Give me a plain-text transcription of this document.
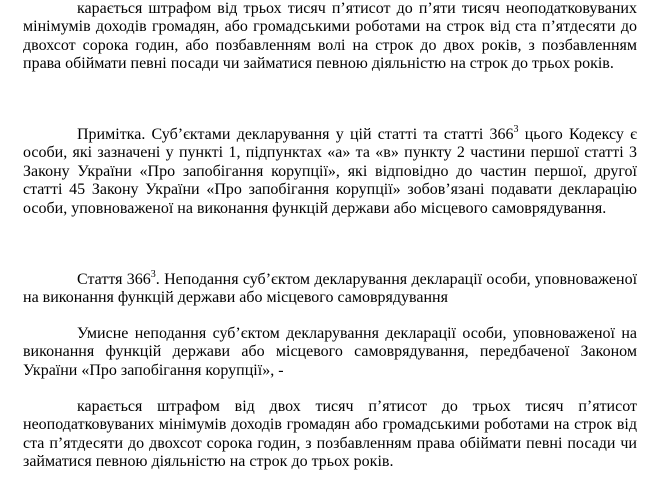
карається штрафом від трьох тисяч п’ятисот до п’яти тисяч неоподатковуваних мінімумів доходів громадян, або громадськими роботами на строк від ста п’ятдесяти до двохсот сорока годин, або позбавленням волі на строк до двох років, з позбавленням права обіймати певні посади чи займатися певною діяльністю на строк до трьох років.

Примітка. Суб’єктами декларування у цій статті та статті $366^3$ цього Кодексу є особи, які зазначені у пункті 1, підпунктах «а» та «в» пункту 2 частини першої статті 3 Закону України «Про запобігання корупції», які відповідно до частин першої, другої статті 45 Закону України «Про запобігання корупції» зобов’язані подавати декларацію особи, уповноваженої на виконання функцій держави або місцевого самоврядування.

Стаття $366^3$. Неподання суб’єктом декларування декларації особи, уповноваженої на виконання функцій держави або місцевого самоврядування

Умисне неподання суб’єктом декларування декларації особи, уповноваженої на виконання функцій держави або місцевого самоврядування, передбаченої Законом України «Про запобігання корупції», -

карається штрафом від двох тисяч п’ятисот до трьох тисяч п’ятисот неоподатковуваних мінімумів доходів громадян або громадськими роботами на строк від ста п’ятдесяти до двохсот сорока годин, з позбавленням права обіймати певні посади чи займатися певною діяльністю на строк до трьох років.
